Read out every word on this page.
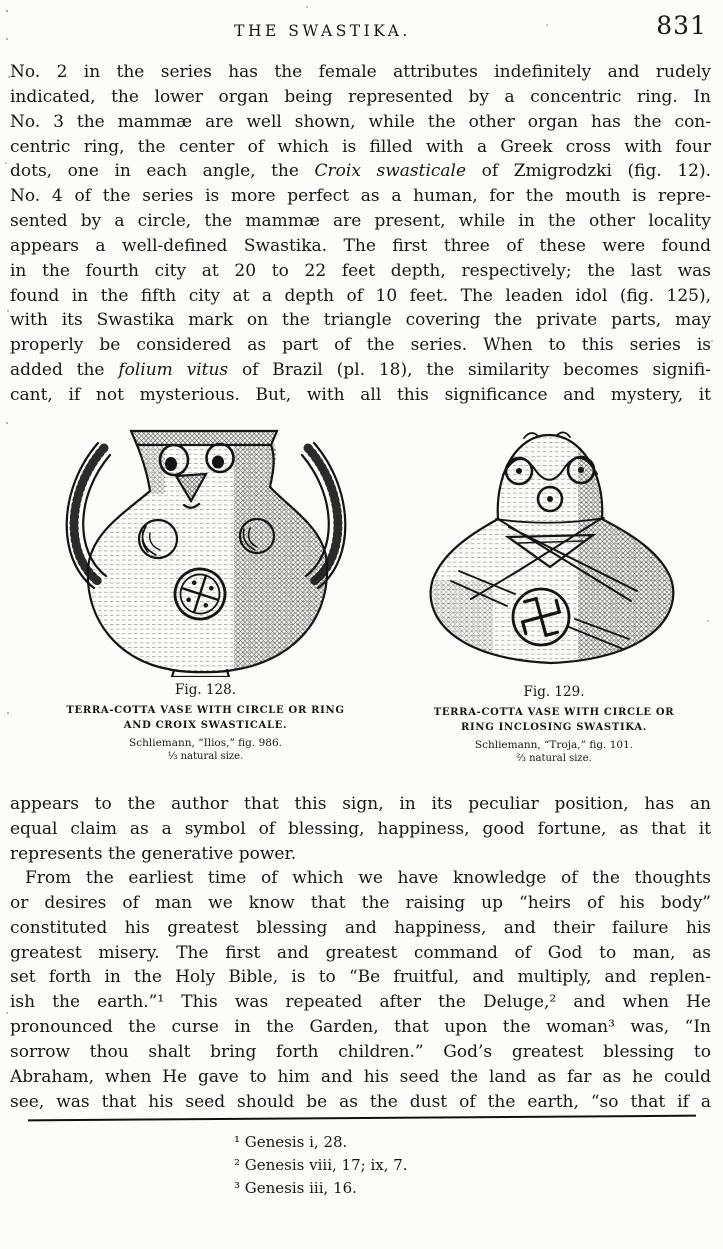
THE SWASTIKA.	831
No. 2 in the series has the female attributes indefinitely and rudely
indicated, the lower organ being represented by a concentric ring. In
No. 3 the mammæ are well shown, while the other organ has the con-
centric ring, the center of which is filled with a Greek cross with four
dots, one in each angle, the Croix swasticale of Zmigrodzki (fig. 12).
No. 4 of the series is more perfect as a human, for the mouth is repre-
sented by a circle, the mammæ are present, while in the other locality
appears a well-defined Swastika. The first three of these were found
in the fourth city at 20 to 22 feet depth, respectively; the last was
found in the fifth city at a depth of 10 feet. The leaden idol (fig. 125),
with its Swastika mark on the triangle covering the private parts, may
properly be considered as part of the series. When to this series is
added the folium vitus of Brazil (pl. 18), the similarity becomes signifi-
cant, if not mysterious. But, with all this significance and mystery, it
Fig. 128.
TERRA-COTTA VASE WITH CIRCLE OR RING
AND CROIX SWASTICALE.
Schliemann, “Ilios,” fig. 986.
⅓ natural size.
Fig. 129.
TERRA-COTTA VASE WITH CIRCLE OR
RING INCLOSING SWASTIKA.
Schliemann, “Troja,” fig. 101.
⅔ natural size.
appears to the author that this sign, in its peculiar position, has an
equal claim as a symbol of blessing, happiness, good fortune, as that it
represents the generative power.
From the earliest time of which we have knowledge of the thoughts
or desires of man we know that the raising up “heirs of his body”
constituted his greatest blessing and happiness, and their failure his
greatest misery. The first and greatest command of God to man, as
set forth in the Holy Bible, is to “Be fruitful, and multiply, and replen-
ish the earth.”¹ This was repeated after the Deluge,² and when He
pronounced the curse in the Garden, that upon the woman³ was, “In
sorrow thou shalt bring forth children.” God’s greatest blessing to
Abraham, when He gave to him and his seed the land as far as he could
see, was that his seed should be as the dust of the earth, “so that if a
¹ Genesis i, 28.
² Genesis viii, 17; ix, 7.
³ Genesis iii, 16.
